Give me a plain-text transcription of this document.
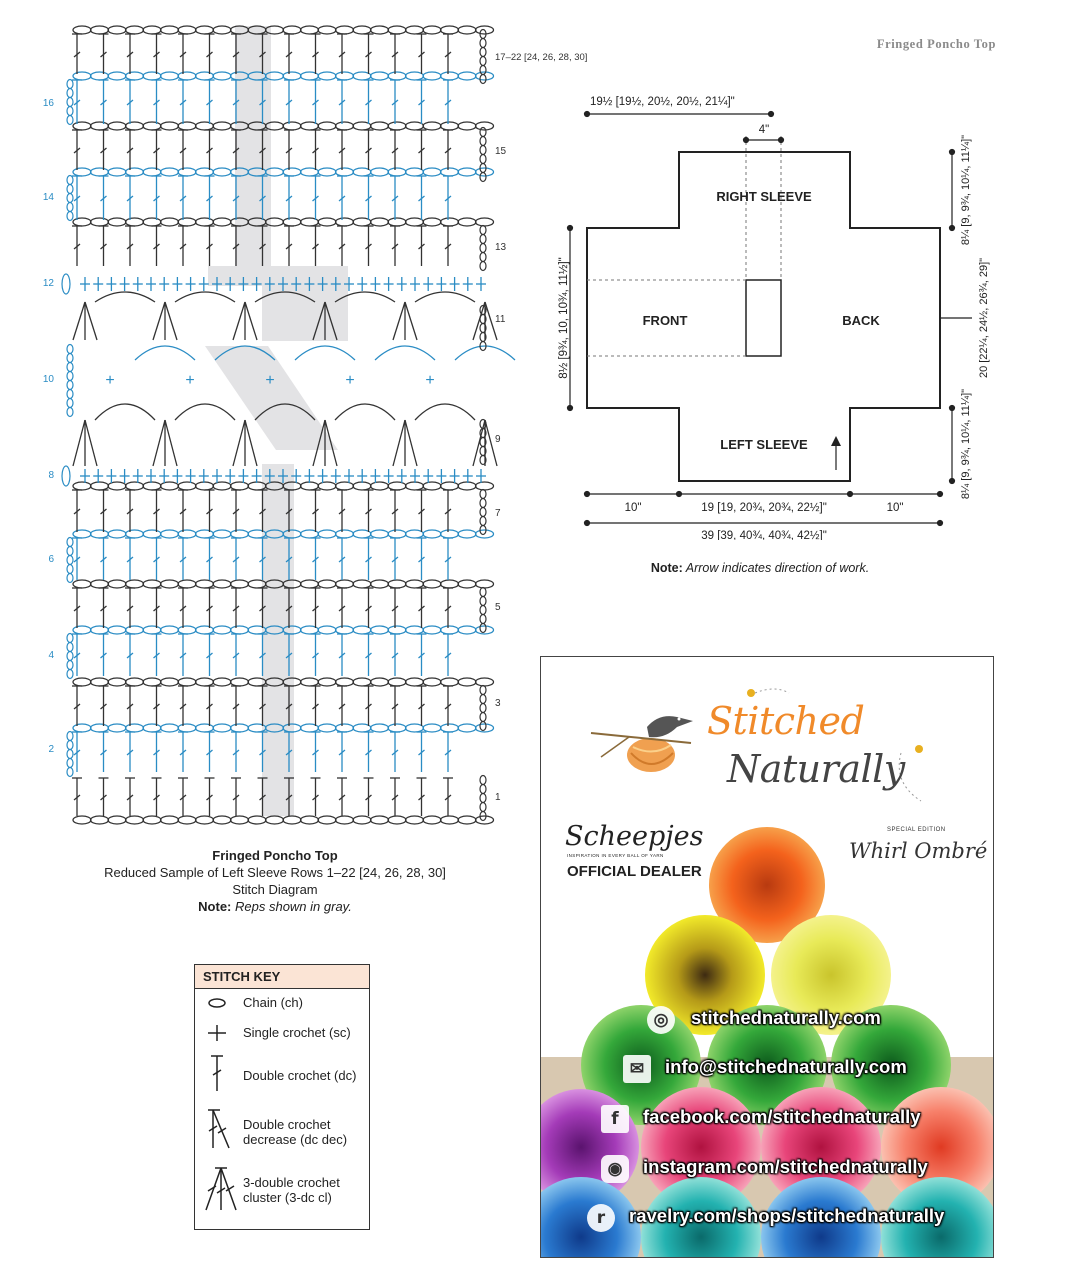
Fringed Poncho Top
+	+	+	+	+
17–22 [24, 26, 28, 30]
15
13
11
9
7
5
3
1
16
14
12
10
8
6
4
2
Fringed Poncho Top
Reduced Sample of Left Sleeve Rows 1–22 [24, 26, 28, 30]
Stitch Diagram
Note: Reps shown in gray.
RIGHT SLEEVE
LEFT SLEEVE
FRONT	BACK
19½ [19½, 20½, 20½, 21¼]"
4"
8½ [9¾, 10, 10¾, 11½]"
8¼ [9, 9¾, 10¼, 11¼]"
20 [22¼, 24½, 26¾, 29]"
8¼ [9, 9¾, 10¼, 11¼]"
10"	19 [19, 20¾, 20¾, 22½]"	10"
39 [39, 40¾, 40¾, 42½]"
Note: Arrow indicates direction of work.
STITCH KEY
Chain (ch)
Single crochet (sc)
Double crochet (dc)
Double crochet
decrease (dc dec)
3-double crochet
cluster (3-dc cl)
Stitched
Naturally
Scheepjes
INSPIRATION IN EVERY BALL OF YARN
OFFICIAL DEALER
SPECIAL EDITION
Whirl Ombré
◎	stitchednaturally.com
✉	info@stitchednaturally.com
f	facebook.com/stitchednaturally
◉	instagram.com/stitchednaturally
r	ravelry.com/shops/stitchednaturally
